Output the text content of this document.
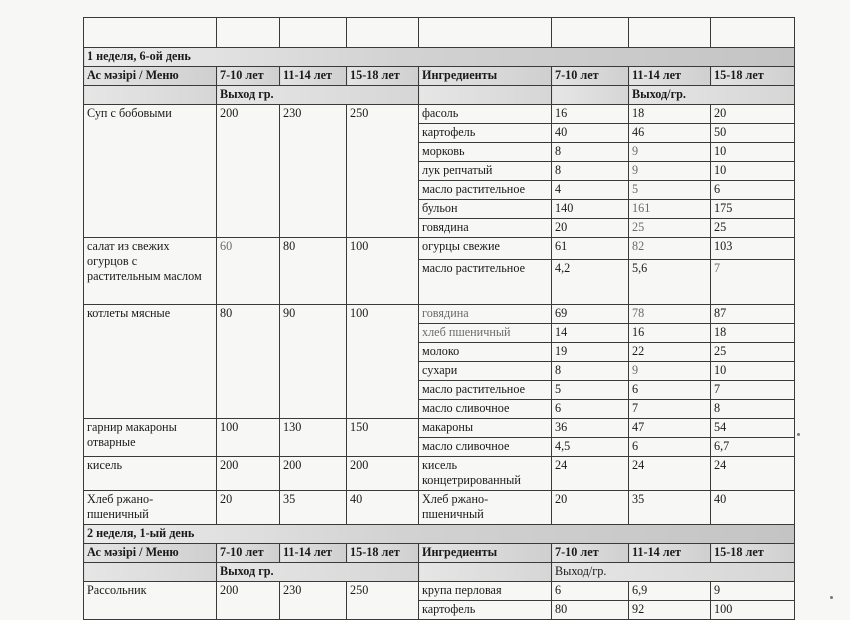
1 неделя, 6-ой день							
Ас мәзірі / Меню	7-10 лет	11-14 лет	15-18 лет	Ингредиенты	7-10 лет	11-14 лет	15-18 лет
	Выход гр.					Выход/гр.	
Суп с бобовыми	200	230	250	фасоль	16	18	20
				картофель	40	46	50
				морковь	8	9	10
				лук репчатый	8	9	10
				масло растительное	4	5	6
				бульон	140	161	175
				говядина	20	25	25
салат из свежих огурцов с растительным маслом	60	80	100	огурцы свежие	61	82	103
				масло растительное	4,2	5,6	7
котлеты мясные	80	90	100	говядина	69	78	87
				хлеб пшеничный	14	16	18
				молоко	19	22	25
				сухари	8	9	10
				масло растительное	5	6	7
				масло сливочное	6	7	8
гарнир макароны отварные	100	130	150	макароны	36	47	54
				масло сливочное	4,5	6	6,7
кисель	200	200	200	кисель концетрированный	24	24	24
Хлеб ржано-пшеничный	20	35	40	Хлеб ржано-пшеничный	20	35	40
2 неделя, 1-ый день							
Ас мәзірі / Меню	7-10 лет	11-14 лет	15-18 лет	Ингредиенты	7-10 лет	11-14 лет	15-18 лет
	Выход гр.				Выход/гр.		
Рассольник	200	230	250	крупа перловая	6	6,9	9
				картофель	80	92	100
